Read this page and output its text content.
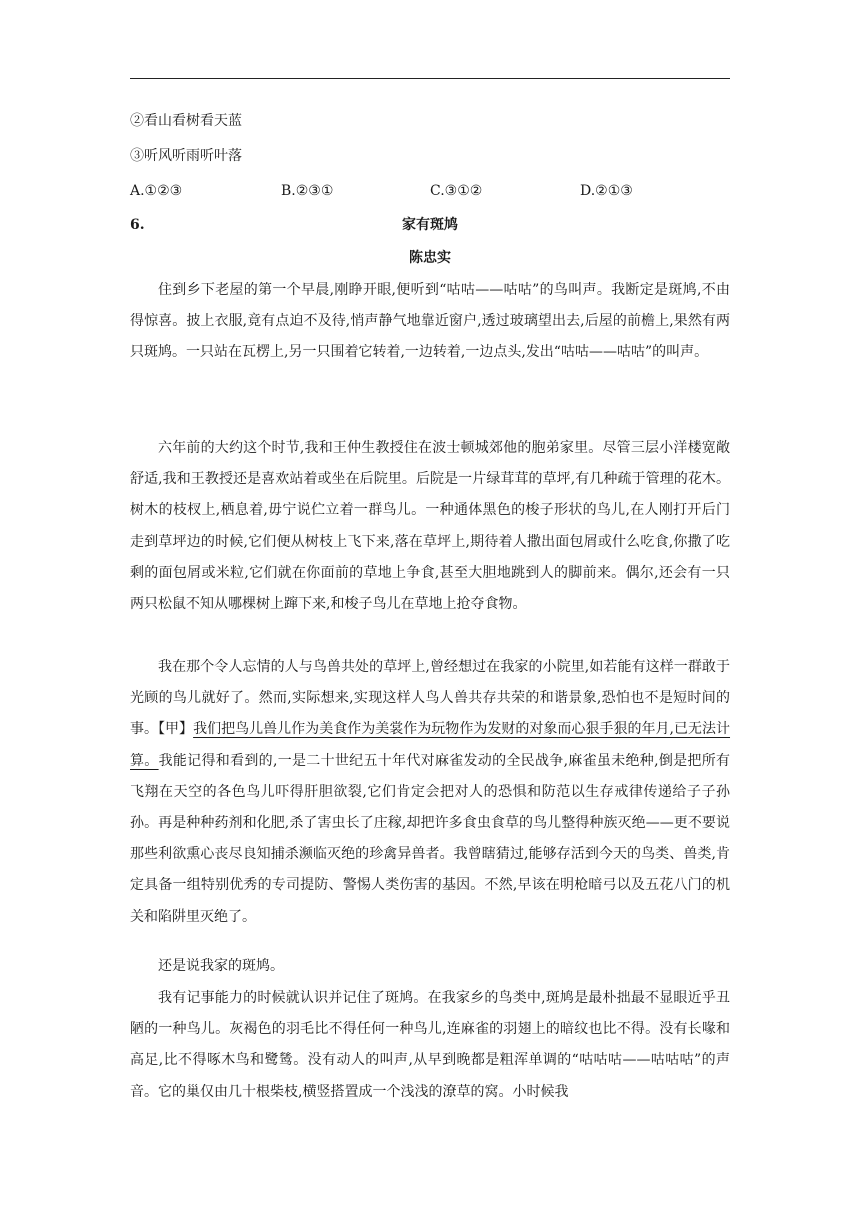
②看山看树看天蓝
③听风听雨听叶落
A.①②③	B.②③①	C.③①②	D.②①③
6.	家有斑鸠
陈忠实

住到乡下老屋的第一个早晨,刚睁开眼,便听到“咕咕——咕咕”的鸟叫声。我断定是斑鸠,不由得惊喜。披上衣服,竟有点迫不及待,悄声静气地靠近窗户,透过玻璃望出去,后屋的前檐上,果然有两只斑鸠。一只站在瓦楞上,另一只围着它转着,一边转着,一边点头,发出“咕咕——咕咕”的叫声。

六年前的大约这个时节,我和王仲生教授住在波士顿城郊他的胞弟家里。尽管三层小洋楼宽敞舒适,我和王教授还是喜欢站着或坐在后院里。后院是一片绿茸茸的草坪,有几种疏于管理的花木。树木的枝杈上,栖息着,毋宁说伫立着一群鸟儿。一种通体黑色的梭子形状的鸟儿,在人刚打开后门走到草坪边的时候,它们便从树枝上飞下来,落在草坪上,期待着人撒出面包屑或什么吃食,你撒了吃剩的面包屑或米粒,它们就在你面前的草地上争食,甚至大胆地跳到人的脚前来。偶尔,还会有一只两只松鼠不知从哪棵树上蹿下来,和梭子鸟儿在草地上抢夺食物。

我在那个令人忘情的人与鸟兽共处的草坪上,曾经想过在我家的小院里,如若能有这样一群敢于光顾的鸟儿就好了。然而,实际想来,实现这样人鸟人兽共存共荣的和谐景象,恐怕也不是短时间的事。【甲】我们把鸟儿兽儿作为美食作为美裳作为玩物作为发财的对象而心狠手狠的年月,已无法计算。我能记得和看到的,一是二十世纪五十年代对麻雀发动的全民战争,麻雀虽未绝种,倒是把所有飞翔在天空的各色鸟儿吓得肝胆欲裂,它们肯定会把对人的恐惧和防范以生存戒律传递给子子孙孙。再是种种药剂和化肥,杀了害虫长了庄稼,却把许多食虫食草的鸟儿整得种族灭绝——更不要说那些利欲熏心丧尽良知捕杀濒临灭绝的珍禽异兽者。我曾瞎猜过,能够存活到今天的鸟类、兽类,肯定具备一组特别优秀的专司提防、警惕人类伤害的基因。不然,早该在明枪暗弓以及五花八门的机关和陷阱里灭绝了。

还是说我家的斑鸠。

我有记事能力的时候就认识并记住了斑鸠。在我家乡的鸟类中,斑鸠是最朴拙最不显眼近乎丑陋的一种鸟儿。灰褐色的羽毛比不得任何一种鸟儿,连麻雀的羽翅上的暗纹也比不得。没有长喙和高足,比不得啄木鸟和鹭鸶。没有动人的叫声,从早到晚都是粗浑单调的“咕咕咕——咕咕咕”的声音。它的巢仅由几十根柴枝,横竖搭置成一个浅浅的潦草的窝。小时候我
